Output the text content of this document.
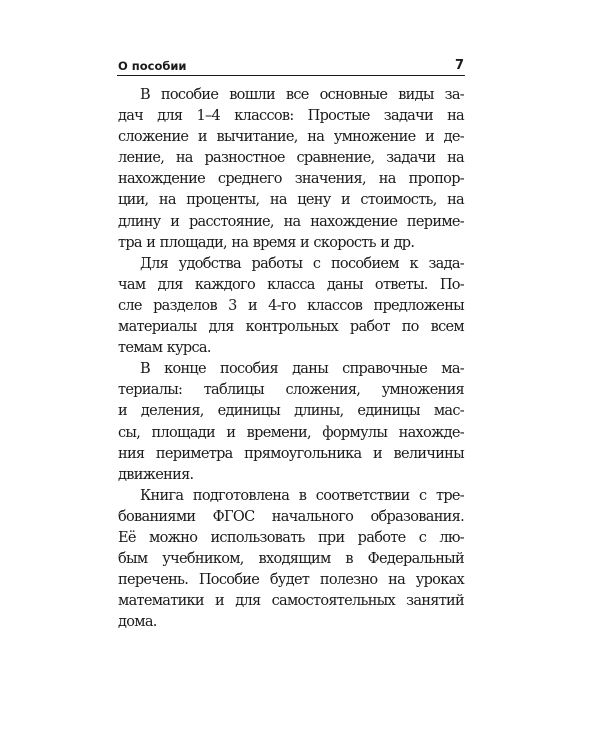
О пособии	7

В пособие вошли все основные виды за-
дач для 1–4 классов: Простые задачи на
сложение и вычитание, на умножение и де-
ление, на разностное сравнение, задачи на
нахождение среднего значения, на пропор-
ции, на проценты, на цену и стоимость, на
длину и расстояние, на нахождение периме-
тра и площади, на время и скорость и др.

Для удобства работы с пособием к зада-
чам для каждого класса даны ответы. По-
сле разделов 3 и 4-го классов предложены
материалы для контрольных работ по всем
темам курса.

В конце пособия даны справочные ма-
териалы: таблицы сложения, умножения
и деления, единицы длины, единицы мас-
сы, площади и времени, формулы нахожде-
ния периметра прямоугольника и величины
движения.

Книга подготовлена в соответствии с тре-
бованиями ФГОС начального образования.
Её можно использовать при работе с лю-
бым учебником, входящим в Федеральный
перечень. Пособие будет полезно на уроках
математики и для самостоятельных занятий
дома.
